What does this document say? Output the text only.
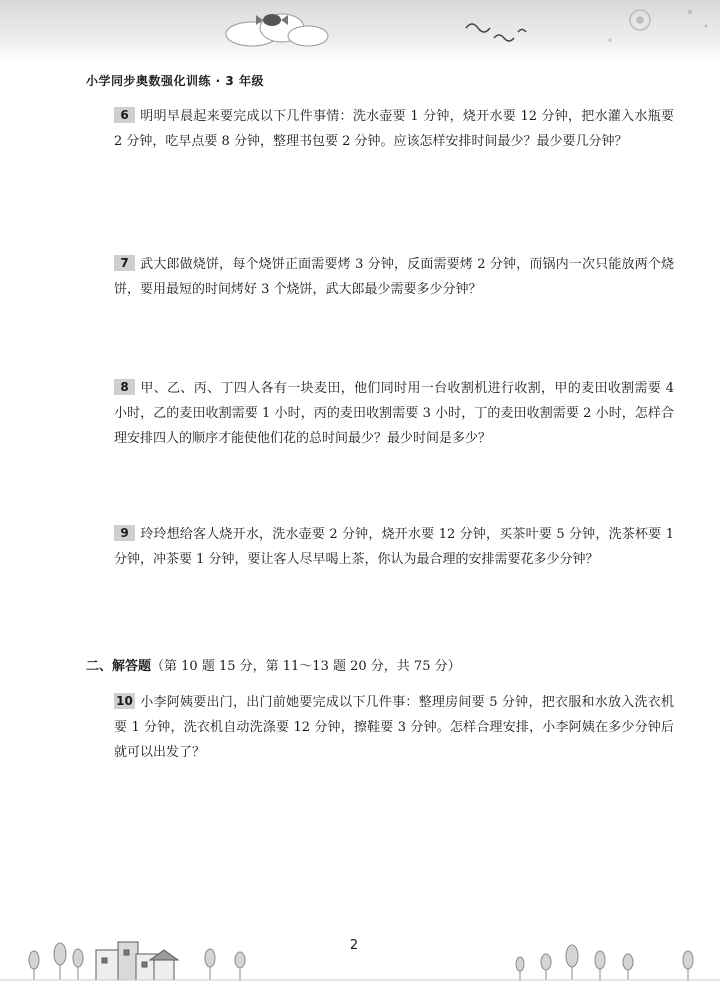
小学同步奥数强化训练 · 3 年级
6 明明早晨起来要完成以下几件事情：洗水壶要 1 分钟，烧开水要 12 分钟，把水灌入水瓶要 2 分钟，吃早点要 8 分钟，整理书包要 2 分钟。应该怎样安排时间最少？最少要几分钟？
7 武大郎做烧饼，每个烧饼正面需要烤 3 分钟，反面需要烤 2 分钟，而锅内一次只能放两个烧饼，要用最短的时间烤好 3 个烧饼，武大郎最少需要多少分钟？
8 甲、乙、丙、丁四人各有一块麦田，他们同时用一台收割机进行收割，甲的麦田收割需要 4 小时，乙的麦田收割需要 1 小时，丙的麦田收割需要 3 小时，丁的麦田收割需要 2 小时，怎样合理安排四人的顺序才能使他们花的总时间最少？最少时间是多少？
9 玲玲想给客人烧开水，洗水壶要 2 分钟，烧开水要 12 分钟，买茶叶要 5 分钟，洗茶杯要 1 分钟，冲茶要 1 分钟，要让客人尽早喝上茶，你认为最合理的安排需要花多少分钟？
二、解答题（第 10 题 15 分，第 11～13 题 20 分，共 75 分）
10 小李阿姨要出门，出门前她要完成以下几件事：整理房间要 5 分钟，把衣服和水放入洗衣机要 1 分钟，洗衣机自动洗涤要 12 分钟，擦鞋要 3 分钟。怎样合理安排，小李阿姨在多少分钟后就可以出发了？
2
